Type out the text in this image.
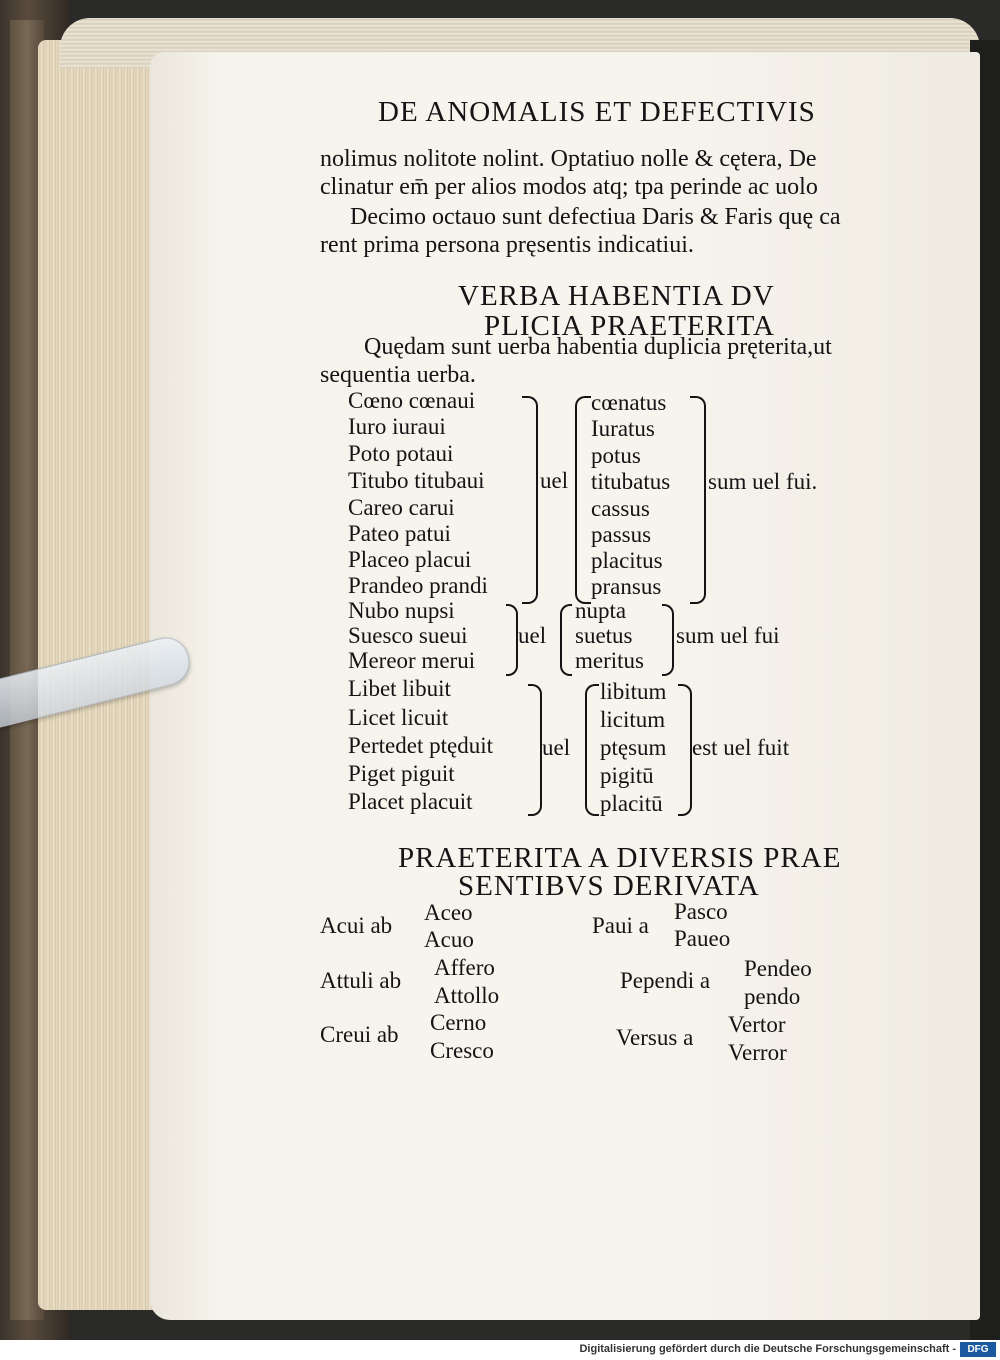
DE ANOMALIS ET DEFECTIVIS
nolimus nolitote nolint. Optatiuo nolle & cętera, De
clinatur em̄ per alios modos atq; tpa perinde ac uolo
Decimo octauo sunt defectiua Daris & Faris quę ca
rent prima persona pręsentis indicatiui.
VERBA HABENTIA DV
PLICIA PRAETERITA
Quędam sunt uerba habentia duplicia pręterita,ut
sequentia uerba.
Cœno cœnaui
Iuro iuraui
Poto potaui
Titubo titubaui
Careo carui
Pateo patui
Placeo placui
Prandeo prandi
uel
cœnatus
Iuratus
potus
titubatus
cassus
passus
placitus
pransus
sum uel fui.
Nubo nupsi
Suesco sueui
Mereor merui
uel
nupta
suetus
meritus
sum uel fui
Libet libuit
Licet licuit
Pertedet ptęduit
Piget piguit
Placet placuit
uel
libitum
licitum
ptęsum
pigitū
placitū
est uel fuit
PRAETERITA A DIVERSIS PRAE
SENTIBVS DERIVATA
Acui ab
Aceo
Acuo
Attuli ab
Affero
Attollo
Creui ab Cerno
Cresco
Paui a
Pasco
Paueo
Pependi a Pendeo
pendo
Versus a
Vertor
Verror
Digitalisierung gefördert durch die Deutsche Forschungsgemeinschaft -	DFG
